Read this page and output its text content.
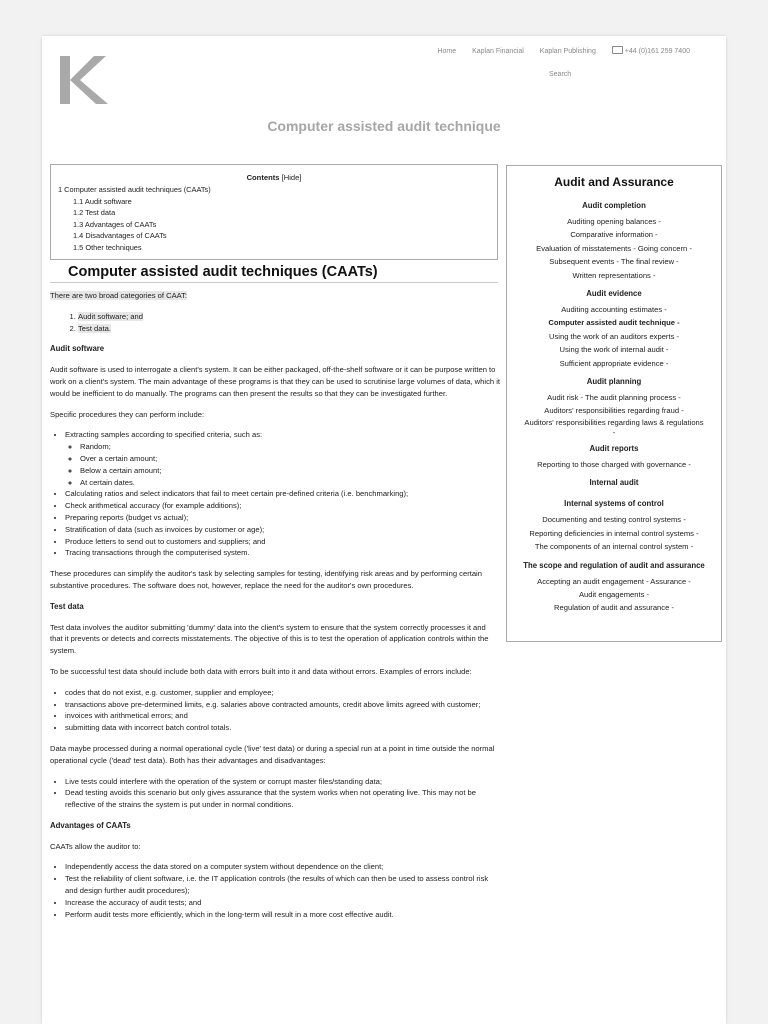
Home Kaplan Financial Kaplan Publishing	+44 (0)161 259 7400
Search
Computer assisted audit technique
Contents [Hide]
1 Computer assisted audit techniques (CAATs)
1.1 Audit software
1.2 Test data
1.3 Advantages of CAATs
1.4 Disadvantages of CAATs
1.5 Other techniques
Computer assisted audit techniques (CAATs)

There are two broad categories of CAAT:

1. Audit software; and
2. Test data.
Audit software

Audit software is used to interrogate a client's system. It can be either packaged, off-the-shelf software or it can be purpose written to work on a client's system. The main advantage of these programs is that they can be used to scrutinise large volumes of data, which it would be inefficient to do manually. The programs can then present the results so that they can be investigated further.

Specific procedures they can perform include:

• Extracting samples according to specified criteria, such as:
◦ Random;
◦ Over a certain amount;
◦ Below a certain amount;
◦ At certain dates.
• Calculating ratios and select indicators that fail to meet certain pre-defined criteria (i.e. benchmarking);
• Check arithmetical accuracy (for example additions);
• Preparing reports (budget vs actual);
• Stratification of data (such as invoices by customer or age);
• Produce letters to send out to customers and suppliers; and
• Tracing transactions through the computerised system.

These procedures can simplify the auditor's task by selecting samples for testing, identifying risk areas and by performing certain substantive procedures. The software does not, however, replace the need for the auditor's own procedures.

Test data

Test data involves the auditor submitting 'dummy' data into the client's system to ensure that the system correctly processes it and that it prevents or detects and corrects misstatements. The objective of this is to test the operation of application controls within the system.

To be successful test data should include both data with errors built into it and data without errors. Examples of errors include:

• codes that do not exist, e.g. customer, supplier and employee;
• transactions above pre-determined limits, e.g. salaries above contracted amounts, credit above limits agreed with customer;
• invoices with arithmetical errors; and
• submitting data with incorrect batch control totals.

Data maybe processed during a normal operational cycle ('live' test data) or during a special run at a point in time outside the normal operational cycle ('dead' test data). Both has their advantages and disadvantages:

• Live tests could interfere with the operation of the system or corrupt master files/standing data;
• Dead testing avoids this scenario but only gives assurance that the system works when not operating live. This may not be reflective of the strains the system is put under in normal conditions.
Advantages of CAATs

CAATs allow the auditor to:

• Independently access the data stored on a computer system without dependence on the client;
• Test the reliability of client software, i.e. the IT application controls (the results of which can then be used to assess control risk and design further audit procedures);
• Increase the accuracy of audit tests; and
• Perform audit tests more efficiently, which in the long-term will result in a more cost effective audit.
Audit and Assurance
Audit completion
Auditing opening balances -
Comparative information -
Evaluation of misstatements - Going concern -
Subsequent events - The final review -
Written representations -
Audit evidence
Auditing accounting estimates -
Computer assisted audit technique -
Using the work of an auditors experts -
Using the work of internal audit -
Sufficient appropriate evidence -
Audit planning
Audit risk - The audit planning process -
Auditors' responsibilities regarding fraud -
Auditors' responsibilities regarding laws & regulations
-
Audit reports
Reporting to those charged with governance -
Internal audit
Internal systems of control
Documenting and testing control systems -
Reporting deficiencies in internal control systems -
The components of an internal control system -
The scope and regulation of audit and assurance
Accepting an audit engagement - Assurance -
Audit engagements -
Regulation of audit and assurance -
